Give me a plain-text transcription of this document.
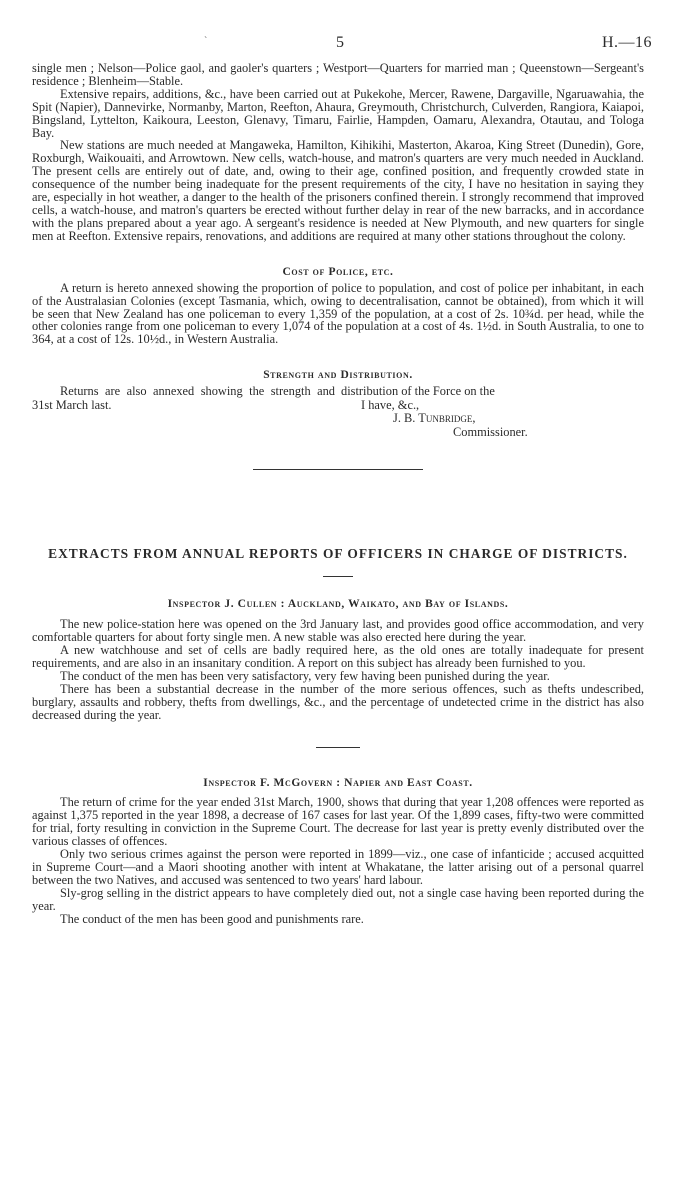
`	5	H.—16

single men ; Nelson—Police gaol, and gaoler's quarters ; Westport—Quarters for married man ; Queenstown—Sergeant's residence ; Blenheim—Stable.

Extensive repairs, additions, &c., have been carried out at Pukekohe, Mercer, Rawene, Dargaville, Ngaruawahia, the Spit (Napier), Dannevirke, Normanby, Marton, Reefton, Ahaura, Greymouth, Christchurch, Culverden, Rangiora, Kaiapoi, Bingsland, Lyttelton, Kaikoura, Leeston, Glenavy, Timaru, Fairlie, Hampden, Oamaru, Alexandra, Otautau, and Tologa Bay.

New stations are much needed at Mangaweka, Hamilton, Kihikihi, Masterton, Akaroa, King Street (Dunedin), Gore, Roxburgh, Waikouaiti, and Arrowtown. New cells, watch-house, and matron's quarters are very much needed in Auckland. The present cells are entirely out of date, and, owing to their age, confined position, and frequently crowded state in consequence of the number being inadequate for the present requirements of the city, I have no hesitation in saying they are, especially in hot weather, a danger to the health of the prisoners confined therein. I strongly recommend that improved cells, a watch-house, and matron's quarters be erected without further delay in rear of the new barracks, and in accordance with the plans prepared about a year ago. A sergeant's residence is needed at New Plymouth, and new quarters for single men at Reefton. Extensive repairs, renovations, and additions are required at many other stations throughout the colony.

Cost of Police, etc.

A return is hereto annexed showing the proportion of police to population, and cost of police per inhabitant, in each of the Australasian Colonies (except Tasmania, which, owing to decentralisation, cannot be obtained), from which it will be seen that New Zealand has one policeman to every 1,359 of the population, at a cost of 2s. 10¾d. per head, while the other colonies range from one policeman to every 1,074 of the population at a cost of 4s. 1½d. in South Australia, to one to 364, at a cost of 12s. 10½d., in Western Australia.

Strength and Distribution.
Returns are also annexed showing the strength and 31st March last.
distribution of the Force on the
I have, &c.,
J. B. Tunbridge,
Commissioner.
EXTRACTS FROM ANNUAL REPORTS OF OFFICERS IN CHARGE OF DISTRICTS.
Inspector J. Cullen : Auckland, Waikato, and Bay of Islands.

The new police-station here was opened on the 3rd January last, and provides good office accommodation, and very comfortable quarters for about forty single men. A new stable was also erected here during the year.

A new watchhouse and set of cells are badly required here, as the old ones are totally inadequate for present requirements, and are also in an insanitary condition. A report on this subject has already been furnished to you.

The conduct of the men has been very satisfactory, very few having been punished during the year.

There has been a substantial decrease in the number of the more serious offences, such as thefts undescribed, burglary, assaults and robbery, thefts from dwellings, &c., and the percentage of undetected crime in the district has also decreased during the year.

Inspector F. McGovern : Napier and East Coast.

The return of crime for the year ended 31st March, 1900, shows that during that year 1,208 offences were reported as against 1,375 reported in the year 1898, a decrease of 167 cases for last year. Of the 1,899 cases, fifty-two were committed for trial, forty resulting in conviction in the Supreme Court. The decrease for last year is pretty evenly distributed over the various classes of offences.

Only two serious crimes against the person were reported in 1899—viz., one case of infanticide ; accused acquitted in Supreme Court—and a Maori shooting another with intent at Whakatane, the latter arising out of a personal quarrel between the two Natives, and accused was sentenced to two years' hard labour.

Sly-grog selling in the district appears to have completely died out, not a single case having been reported during the year.

The conduct of the men has been good and punishments rare.
